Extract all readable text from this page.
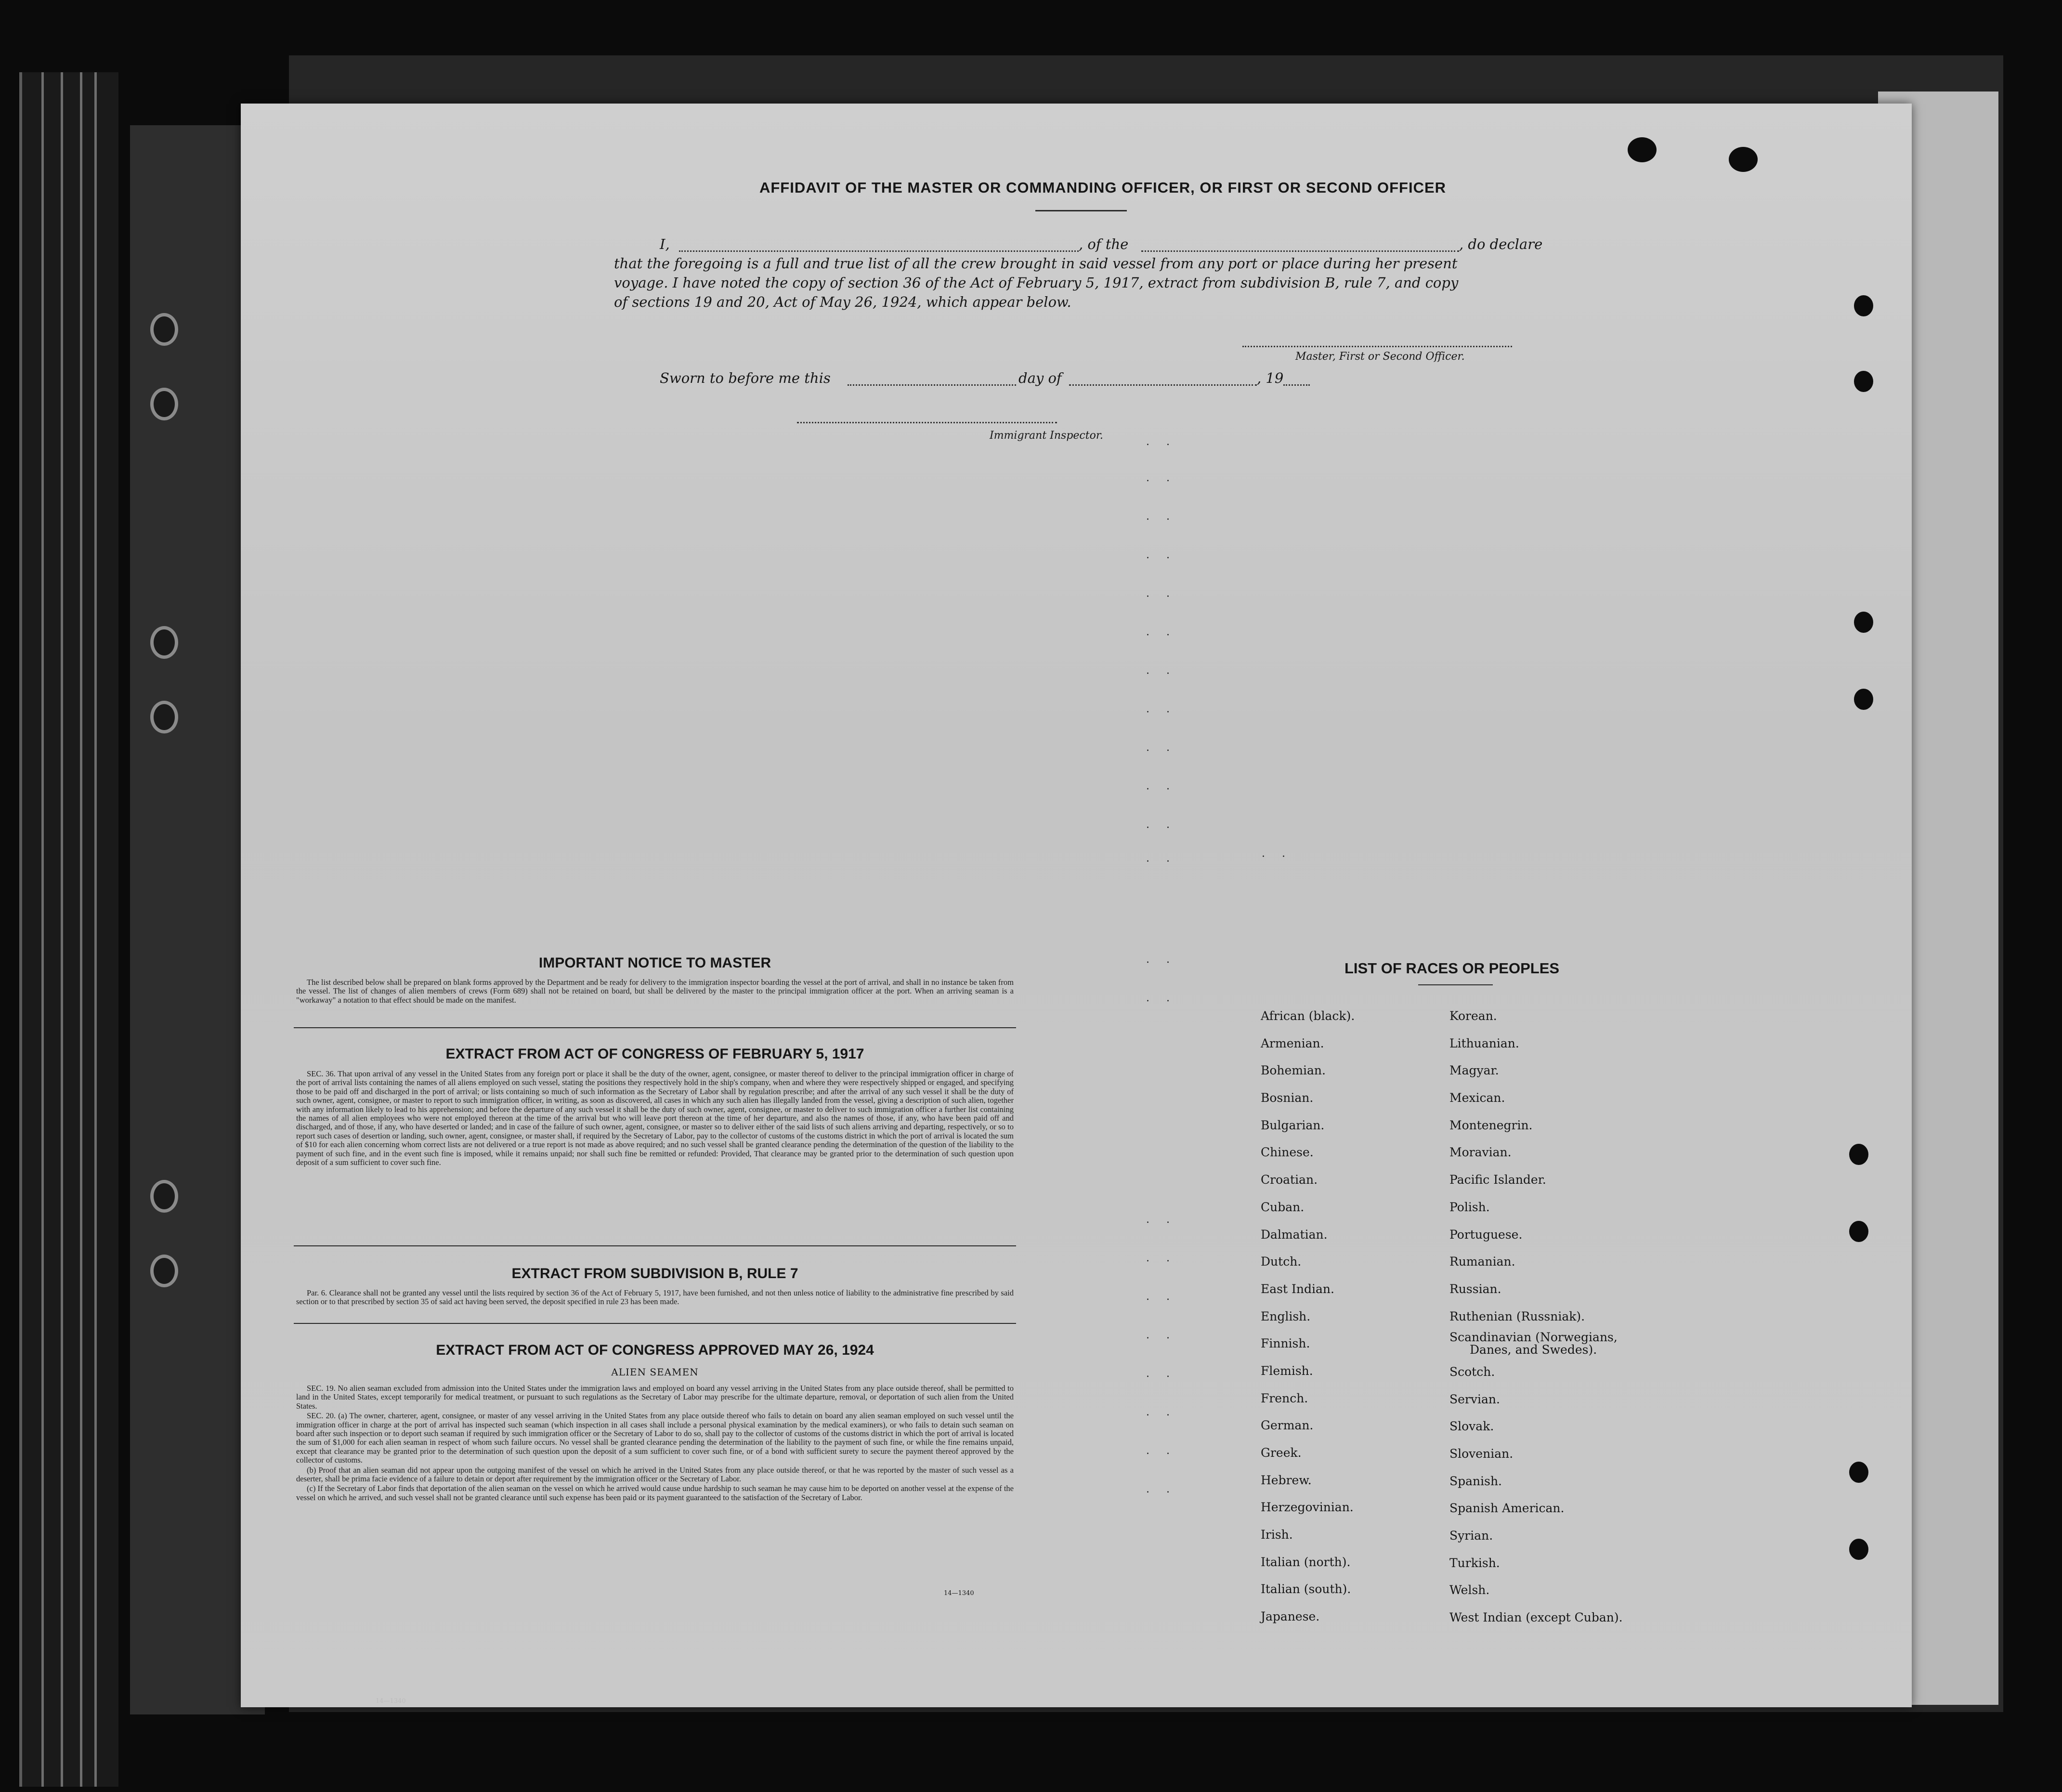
AFFIDAVIT OF THE MASTER OR COMMANDING OFFICER, OR FIRST OR SECOND OFFICER
I,	, of the	, do declare
that the foregoing is a full and true list of all the crew brought in said vessel from any port or place during her present
voyage. I have noted the copy of section 36 of the Act of February 5, 1917, extract from subdivision B, rule 7, and copy
of sections 19 and 20, Act of May 26, 1924, which appear below.
Master, First or Second Officer.
Sworn to before me this	day of	, 19
Immigrant Inspector.
. .
. .
. .
. .
. .
. .
. .
. .
. .
. .
. .
. .	. .
. .
. .
. .
. .
. .
. .
. .
. .
. .
. .
IMPORTANT NOTICE TO MASTER

The list described below shall be prepared on blank forms approved by the Department and be ready for delivery to the immigration inspector boarding the vessel at the port of arrival, and shall in no instance be taken from the vessel. The list of changes of alien members of crews (Form 689) shall not be retained on board, but shall be delivered by the master to the principal immigration officer at the port. When an arriving seaman is a "workaway" a notation to that effect should be made on the manifest.

EXTRACT FROM ACT OF CONGRESS OF FEBRUARY 5, 1917

SEC. 36. That upon arrival of any vessel in the United States from any foreign port or place it shall be the duty of the owner, agent, consignee, or master thereof to deliver to the principal immigration officer in charge of the port of arrival lists containing the names of all aliens employed on such vessel, stating the positions they respectively hold in the ship's company, when and where they were respectively shipped or engaged, and specifying those to be paid off and discharged in the port of arrival; or lists containing so much of such information as the Secretary of Labor shall by regulation prescribe; and after the arrival of any such vessel it shall be the duty of such owner, agent, consignee, or master to report to such immigration officer, in writing, as soon as discovered, all cases in which any such alien has illegally landed from the vessel, giving a description of such alien, together with any information likely to lead to his apprehension; and before the departure of any such vessel it shall be the duty of such owner, agent, consignee, or master to deliver to such immigration officer a further list containing the names of all alien employees who were not employed thereon at the time of the arrival but who will leave port thereon at the time of her departure, and also the names of those, if any, who have been paid off and discharged, and of those, if any, who have deserted or landed; and in case of the failure of such owner, agent, consignee, or master so to deliver either of the said lists of such aliens arriving and departing, respectively, or so to report such cases of desertion or landing, such owner, agent, consignee, or master shall, if required by the Secretary of Labor, pay to the collector of customs of the customs district in which the port of arrival is located the sum of $10 for each alien concerning whom correct lists are not delivered or a true report is not made as above required; and no such vessel shall be granted clearance pending the determination of the question of the liability to the payment of such fine, and in the event such fine is imposed, while it remains unpaid; nor shall such fine be remitted or refunded: Provided, That clearance may be granted prior to the determination of such question upon deposit of a sum sufficient to cover such fine.

EXTRACT FROM SUBDIVISION B, RULE 7

Par. 6. Clearance shall not be granted any vessel until the lists required by section 36 of the Act of February 5, 1917, have been furnished, and not then unless notice of liability to the administrative fine prescribed by said section or to that prescribed by section 35 of said act having been served, the deposit specified in rule 23 has been made.

EXTRACT FROM ACT OF CONGRESS APPROVED MAY 26, 1924
ALIEN SEAMEN

SEC. 19. No alien seaman excluded from admission into the United States under the immigration laws and employed on board any vessel arriving in the United States from any place outside thereof, shall be permitted to land in the United States, except temporarily for medical treatment, or pursuant to such regulations as the Secretary of Labor may prescribe for the ultimate departure, removal, or deportation of such alien from the United States.

SEC. 20. (a) The owner, charterer, agent, consignee, or master of any vessel arriving in the United States from any place outside thereof who fails to detain on board any alien seaman employed on such vessel until the immigration officer in charge at the port of arrival has inspected such seaman (which inspection in all cases shall include a personal physical examination by the medical examiners), or who fails to detain such seaman on board after such inspection or to deport such seaman if required by such immigration officer or the Secretary of Labor to do so, shall pay to the collector of customs of the customs district in which the port of arrival is located the sum of $1,000 for each alien seaman in respect of whom such failure occurs. No vessel shall be granted clearance pending the determination of the liability to the payment of such fine, or while the fine remains unpaid, except that clearance may be granted prior to the determination of such question upon the deposit of a sum sufficient to cover such fine, or of a bond with sufficient surety to secure the payment thereof approved by the collector of customs.

(b) Proof that an alien seaman did not appear upon the outgoing manifest of the vessel on which he arrived in the United States from any place outside thereof, or that he was reported by the master of such vessel as a deserter, shall be prima facie evidence of a failure to detain or deport after requirement by the immigration officer or the Secretary of Labor.

(c) If the Secretary of Labor finds that deportation of the alien seaman on the vessel on which he arrived would cause undue hardship to such seaman he may cause him to be deported on another vessel at the expense of the vessel on which he arrived, and such vessel shall not be granted clearance until such expense has been paid or its payment guaranteed to the satisfaction of the Secretary of Labor.

14—1340
14—1340
LIST OF RACES OR PEOPLES
African (black).
Armenian.
Bohemian.
Bosnian.
Bulgarian.
Chinese.
Croatian.
Cuban.
Dalmatian.
Dutch.
East Indian.
English.
Finnish.
Flemish.
French.
German.
Greek.
Hebrew.
Herzegovinian.
Irish.
Italian (north).
Italian (south).
Japanese.
Korean.
Lithuanian.
Magyar.
Mexican.
Montenegrin.
Moravian.
Pacific Islander.
Polish.
Portuguese.
Rumanian.
Russian.
Ruthenian (Russniak).
Scandinavian (Norwegians,
Danes, and Swedes).
Scotch.
Servian.
Slovak.
Slovenian.
Spanish.
Spanish American.
Syrian.
Turkish.
Welsh.
West Indian (except Cuban).
